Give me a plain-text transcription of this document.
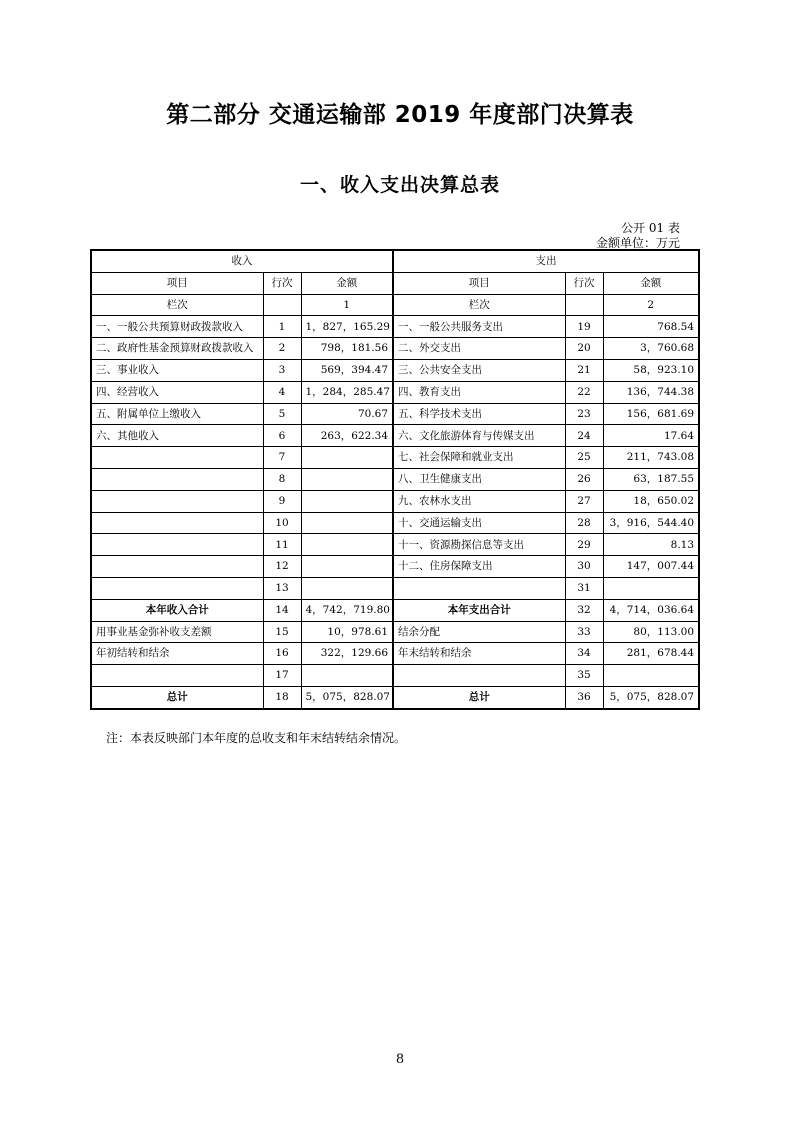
第二部分 交通运输部 2019 年度部门决算表
一、收入支出决算总表
公开 01 表
金额单位：万元
收入			支出		
项目	行次	金额	项目	行次	金额
栏次		1	栏次		2
一、一般公共预算财政拨款收入	1	1，827，165.29	一、一般公共服务支出	19	768.54
二、政府性基金预算财政拨款收入	2	798，181.56	二、外交支出	20	3，760.68
三、事业收入	3	569，394.47	三、公共安全支出	21	58，923.10
四、经营收入	4	1，284，285.47	四、教育支出	22	136，744.38
五、附属单位上缴收入	5	70.67	五、科学技术支出	23	156，681.69
六、其他收入	6	263，622.34	六、文化旅游体育与传媒支出	24	17.64
	7		七、社会保障和就业支出	25	211，743.08
	8		八、卫生健康支出	26	63，187.55
	9		九、农林水支出	27	18，650.02
	10		十、交通运输支出	28	3，916，544.40
	11		十一、资源勘探信息等支出	29	8.13
	12		十二、住房保障支出	30	147，007.44
	13			31	
本年收入合计	14	4，742，719.80	本年支出合计	32	4，714，036.64
用事业基金弥补收支差额	15	10，978.61	结余分配	33	80，113.00
年初结转和结余	16	322，129.66	年末结转和结余	34	281，678.44
	17			35	
总计	18	5，075，828.07	总计	36	5，075，828.07
注：本表反映部门本年度的总收支和年末结转结余情况。
8
